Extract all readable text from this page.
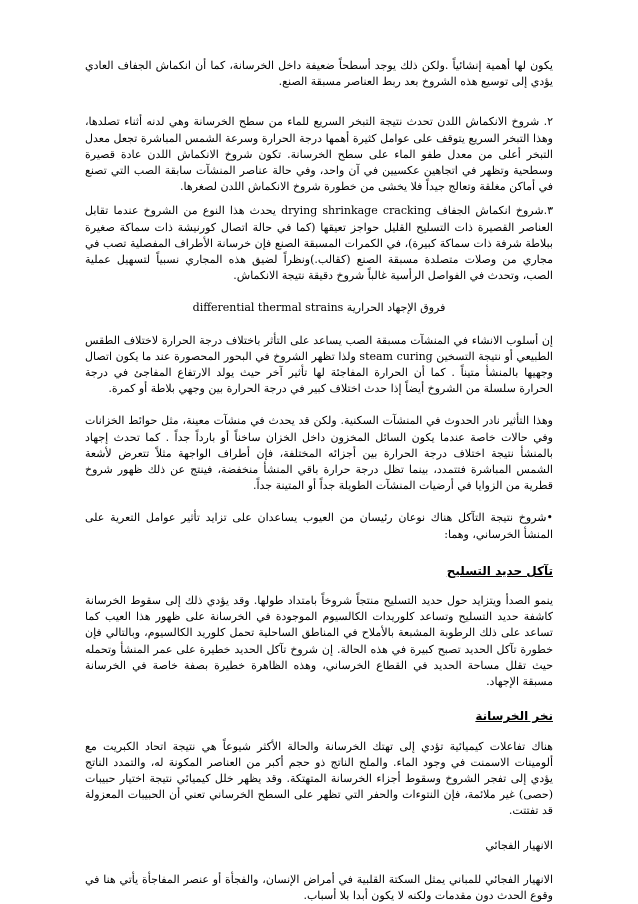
يكون لها أهمية إنشائياً .ولكن ذلك يوجد أسطحاً ضعيفة داخل الخرسانة، كما أن انكماش الجفاف العادي يؤدي إلى توسيع هذه الشروخ بعد ربط العناصر مسبقة الصنع.

٢. شروخ الانكماش اللدن تحدث نتيجة التبخر السريع للماء من سطح الخرسانة وهي لدنه أثناء تصلدها، وهذا التبخر السريع يتوقف على عوامل كثيرة أهمها درجة الحرارة وسرعة الشمس المباشرة تجعل معدل التبخر أعلى من معدل طفو الماء على سطح الخرسانة. تكون شروخ الانكماش اللدن عادة قصيرة وسطحية وتظهر في اتجاهين عكسيين في آن واحد، وفي حالة عناصر المنشآت سابقة الصب التي تصنع في أماكن مغلقة وتعالج جيداً فلا يخشى من خطورة شروخ الانكماش اللدن لصغرها.

٣.شروخ انكماش الجفاف drying shrinkage cracking يحدث هذا النوع من الشروخ عندما تقابل العناصر القصيرة ذات التسليح القليل حواجز تعيقها (كما في حالة اتصال كورنيشة ذات سماكة صغيرة ببلاطة شرفة ذات سماكة كبيرة)، في الكمرات المسبقة الصنع فإن خرسانة الأطراف المفصلية تصب في مجاري من وصلات متصلدة مسبقة الصنع (كقالب.)ونظراً لضيق هذه المجاري نسبياً لتسهيل عملية الصب، وتحدث في الفواصل الرأسية غالباً شروخ دقيقة نتيجة الانكماش.

فروق الإجهاد الحرارية differential thermal strains

إن أسلوب الانشاء في المنشآت مسبقة الصب يساعد على التأثر باختلاف درجة الحرارة لاختلاف الطقس الطبيعي أو نتيجة التسخين steam curing ولذا تظهر الشروخ في البحور المحصورة عند ما يكون اتصال وجهيها بالمنشأ متيناً . كما أن الحرارة المفاجئة لها تأثير آخر حيث يولد الارتفاع المفاجئ في درجة الحرارة سلسلة من الشروخ أيضاً إذا حدث اختلاف كبير في درجة الحرارة بين وجهي بلاطة أو كمرة.

وهذا التأثير نادر الحدوث في المنشآت السكنية. ولكن قد يحدث في منشآت معينة، مثل حوائط الخزانات وفي حالات خاصة عندما يكون السائل المخزون داخل الخزان ساخناً أو بارداً جداً . كما تحدث إجهاد بالمنشأ نتيجة اختلاف درجة الحرارة بين أجزائه المختلفة، فإن أطراف الواجهة مثلاً تتعرض لأشعة الشمس المباشرة فتتمدد، بينما تظل درجة حرارة باقي المنشأ منخفضة، فينتج عن ذلك ظهور شروخ قطرية من الزوايا في أرضيات المنشآت الطويلة جداً أو المتينة جداً.

• شروخ نتيجة التآكل هناك نوعان رئيسان من العيوب يساعدان على تزايد تأثير عوامل التعرية على المنشأ الخرساني، وهما:

تآكل حديد التسليح

ينمو الصدأ ويتزايد حول حديد التسليح منتجاً شروخاً بامتداد طولها. وقد يؤدي ذلك إلى سقوط الخرسانة كاشفة حديد التسليح وتساعد كلوريدات الكالسيوم الموجودة في الخرسانة على ظهور هذا العيب كما تساعد على ذلك الرطوبة المشبعة بالأملاح في المناطق الساحلية تحمل كلوريد الكالسيوم، وبالتالي فإن خطورة تآكل الحديد تصبح كبيرة في هذه الحالة. إن شروخ تآكل الحديد خطيرة على عمر المنشأ وتحمله حيث تقلل مساحة الحديد في القطاع الخرساني، وهذه الظاهرة خطيرة بصفة خاصة في الخرسانة مسبقة الإجهاد.

نخر الخرسانة

هناك تفاعلات كيميائية تؤدي إلى تهتك الخرسانة والحالة الأكثر شيوعاً هي نتيجة اتحاد الكبريت مع ألومينات الاسمنت في وجود الماء. والملح الناتج ذو حجم أكبر من العناصر المكونة له، والتمدد الناتج يؤدي إلى تفجر الشروخ وسقوط أجزاء الخرسانة المتهتكة. وقد يظهر خلل كيميائي نتيجة اختيار حبيبات (حصى) غير ملائمة، فإن النتوءات والحفر التي تظهر على السطح الخرساني تعني أن الحبيبات المعزولة قد تفتتت.

الانهيار الفجائي

الانهيار الفجائي للمباني يمثل السكتة القلبية في أمراض الإنسان، والفجأة أو عنصر المفاجأة يأتي هنا في وقوع الحدث دون مقدمات ولكنه لا يكون أبدا بلا أسباب.
